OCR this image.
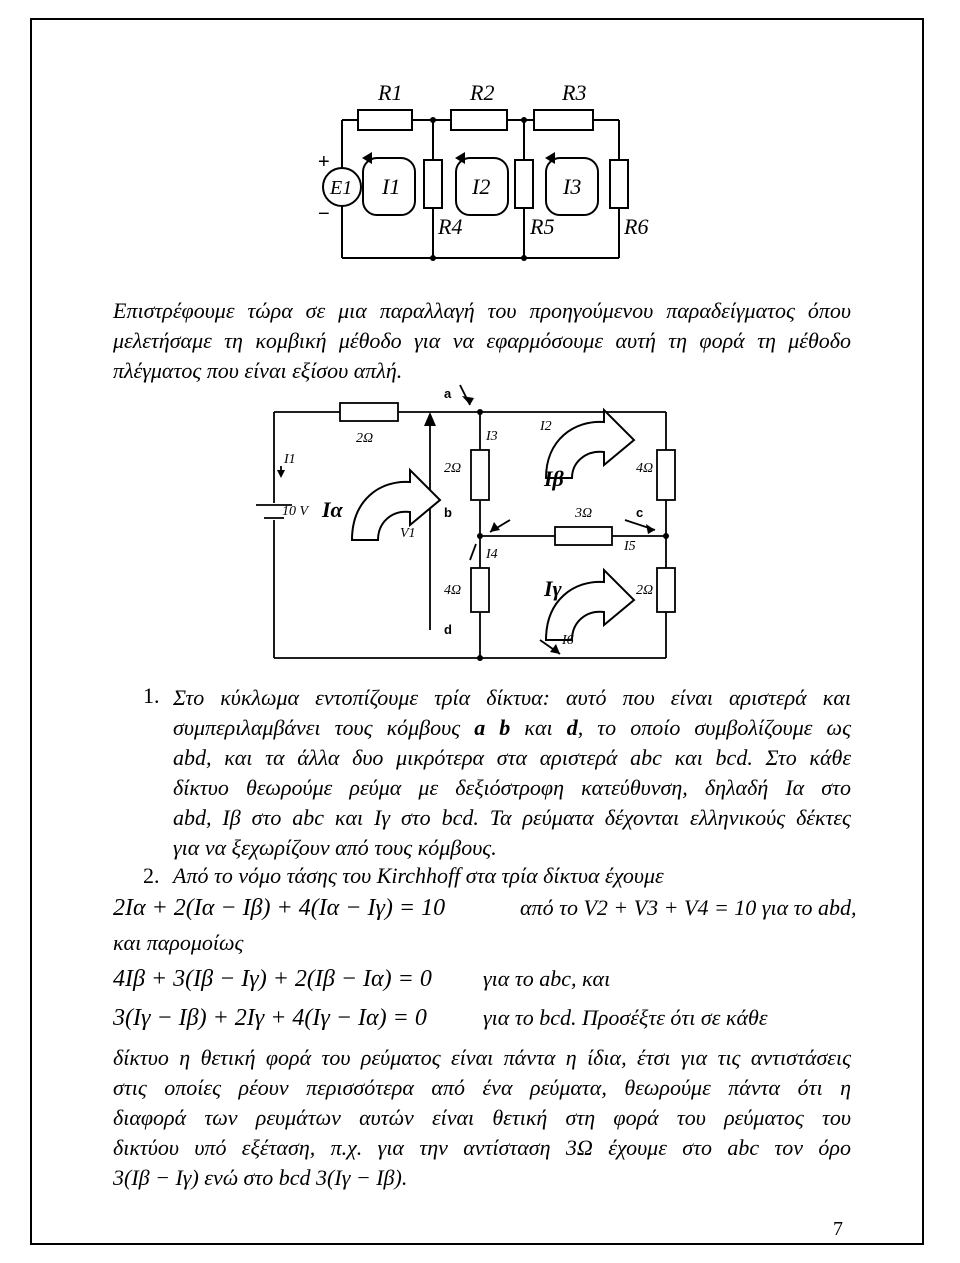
R1	R2	R3
R4	R5	R6
E1 I1	I2	I3
+
−
Επιστρέφουμε τώρα σε μια παραλλαγή του προηγούμενου παραδείγματος όπου
μελετήσαμε τη κομβική μέθοδο για να εφαρμόσουμε αυτή τη φορά τη μέθοδο
πλέγματος που είναι εξίσου απλή.
2Ω
2Ω	4Ω
3Ω
4Ω	2Ω
I1
I2
I3
I4
I5
I6
V1
10 V
a
b	c
d
Iα
Iβ
Iγ
1. Στο κύκλωμα εντοπίζουμε τρία δίκτυα: αυτό που είναι αριστερά και
συμπεριλαμβάνει τους κόμβους a b και d, το οποίο συμβολίζουμε ως
abd, και τα άλλα δυο μικρότερα στα αριστερά abc και bcd. Στο κάθε
δίκτυο θεωρούμε ρεύμα με δεξιόστροφη κατεύθυνση, δηλαδή Iα στο
abd, Iβ στο abc και Iγ στο bcd. Τα ρεύματα δέχονται ελληνικούς δέκτες
για να ξεχωρίζουν από τους κόμβους.
2. Από το νόμο τάσης του Kirchhoff στα τρία δίκτυα έχουμε
2Iα + 2(Iα − Iβ) + 4(Iα − Iγ) = 10	από το V2 + V3 + V4 = 10 για το abd,
και παρομοίως
4Iβ + 3(Iβ − Iγ) + 2(Iβ − Iα) = 0 για το abc, και
3(Iγ − Iβ) + 2Iγ + 4(Iγ − Iα) = 0	για το bcd. Προσέξτε ότι σε κάθε
δίκτυο η θετική φορά του ρεύματος είναι πάντα η ίδια, έτσι για τις αντιστάσεις
στις οποίες ρέουν περισσότερα από ένα ρεύματα, θεωρούμε πάντα ότι η
διαφορά των ρευμάτων αυτών είναι θετική στη φορά του ρεύματος του
δικτύου υπό εξέταση, π.χ. για την αντίσταση 3Ω έχουμε στο abc τον όρο
3(Iβ − Iγ) ενώ στο bcd 3(Iγ − Iβ).
7
